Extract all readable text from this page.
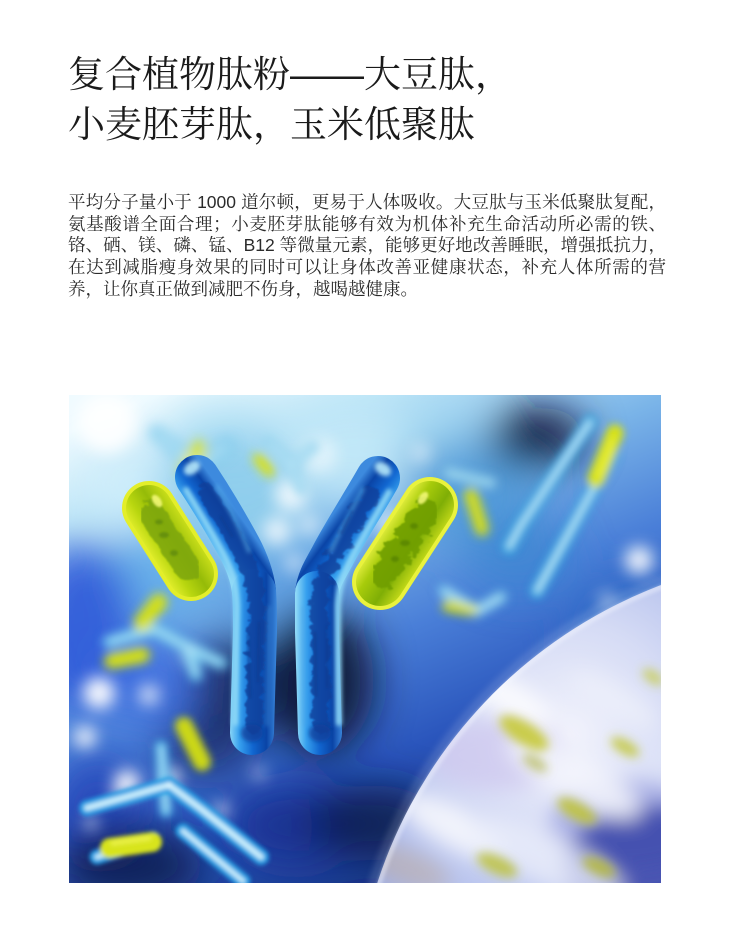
复合植物肽粉——大豆肽，
小麦胚芽肽，玉米低聚肽

平均分子量小于 1000 道尔顿，更易于人体吸收。大豆肽与玉米低聚肽复配，氨基酸谱全面合理；小麦胚芽肽能够有效为机体补充生命活动所必需的铁、铬、硒、镁、磷、锰、B12 等微量元素，能够更好地改善睡眠，增强抵抗力，在达到减脂瘦身效果的同时可以让身体改善亚健康状态，补充人体所需的营养，让你真正做到减肥不伤身，越喝越健康。
